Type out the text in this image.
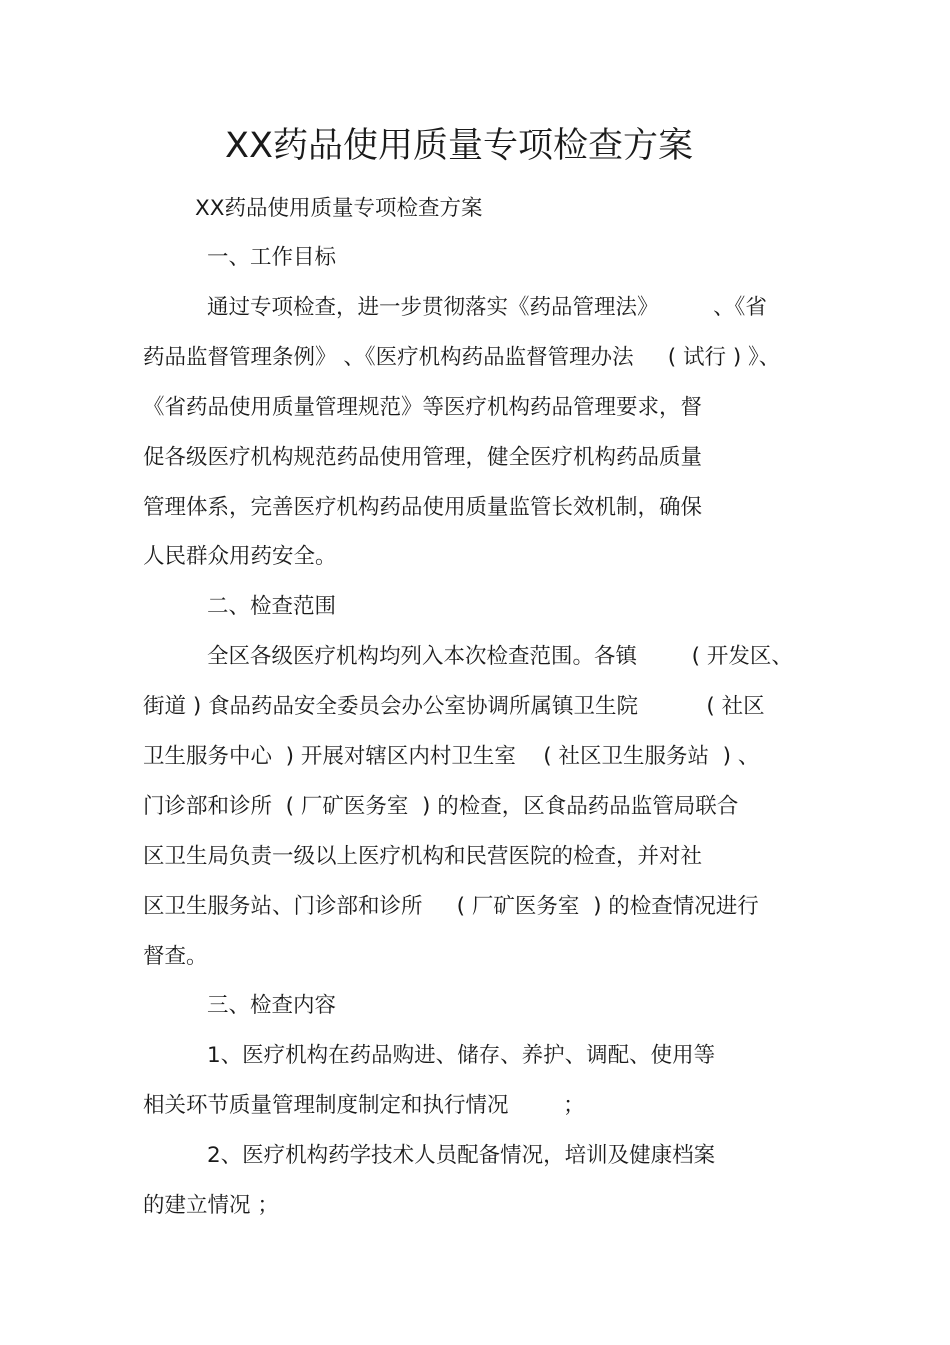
XX药品使用质量专项检查方案
XX药品使用质量专项检查方案
一、工作目标
通过专项检查，进一步贯彻落实《药品管理法》        、《省
药品监督管理条例》 、《医疗机构药品监督管理办法     ( 试行 ) 》、
《省药品使用质量管理规范》等医疗机构药品管理要求，督
促各级医疗机构规范药品使用管理，健全医疗机构药品质量
管理体系，完善医疗机构药品使用质量监管长效机制，确保
人民群众用药安全。
二、检查范围
全区各级医疗机构均列入本次检查范围。各镇        ( 开发区、
街道 ) 食品药品安全委员会办公室协调所属镇卫生院          ( 社区
卫生服务中心  ) 开展对辖区内村卫生室    ( 社区卫生服务站  ) 、
门诊部和诊所  ( 厂矿医务室  ) 的检查，区食品药品监管局联合
区卫生局负责一级以上医疗机构和民营医院的检查，并对社
区卫生服务站、门诊部和诊所     ( 厂矿医务室  ) 的检查情况进行
督查。
三、检查内容
1、医疗机构在药品购进、储存、养护、调配、使用等
相关环节质量管理制度制定和执行情况        ；
2、医疗机构药学技术人员配备情况，培训及健康档案
的建立情况 ；
